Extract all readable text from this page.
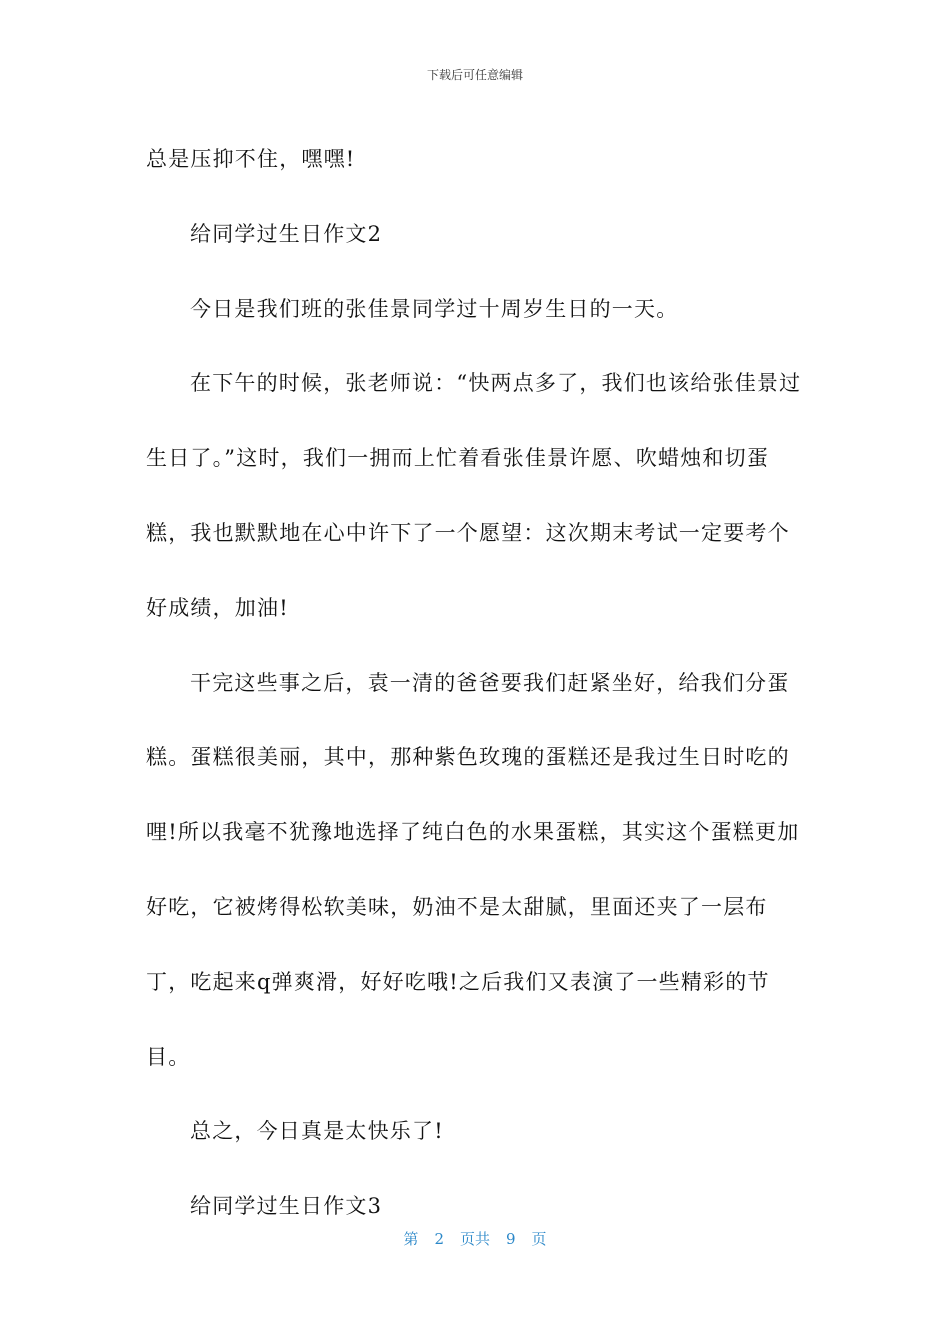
下载后可任意编辑

总是压抑不住，嘿嘿!

给同学过生日作文2

今日是我们班的张佳景同学过十周岁生日的一天。

在下午的时候，张老师说：“快两点多了，我们也该给张佳景过生日了。”这时，我们一拥而上忙着看张佳景许愿、吹蜡烛和切蛋糕，我也默默地在心中许下了一个愿望：这次期末考试一定要考个好成绩，加油!

干完这些事之后，袁一清的爸爸要我们赶紧坐好，给我们分蛋糕。蛋糕很美丽，其中，那种紫色玫瑰的蛋糕还是我过生日时吃的哩!所以我毫不犹豫地选择了纯白色的水果蛋糕，其实这个蛋糕更加好吃，它被烤得松软美味，奶油不是太甜腻，里面还夹了一层布丁，吃起来q弹爽滑，好好吃哦!之后我们又表演了一些精彩的节目。

总之，今日真是太快乐了!

给同学过生日作文3

第 2 页共 9 页
